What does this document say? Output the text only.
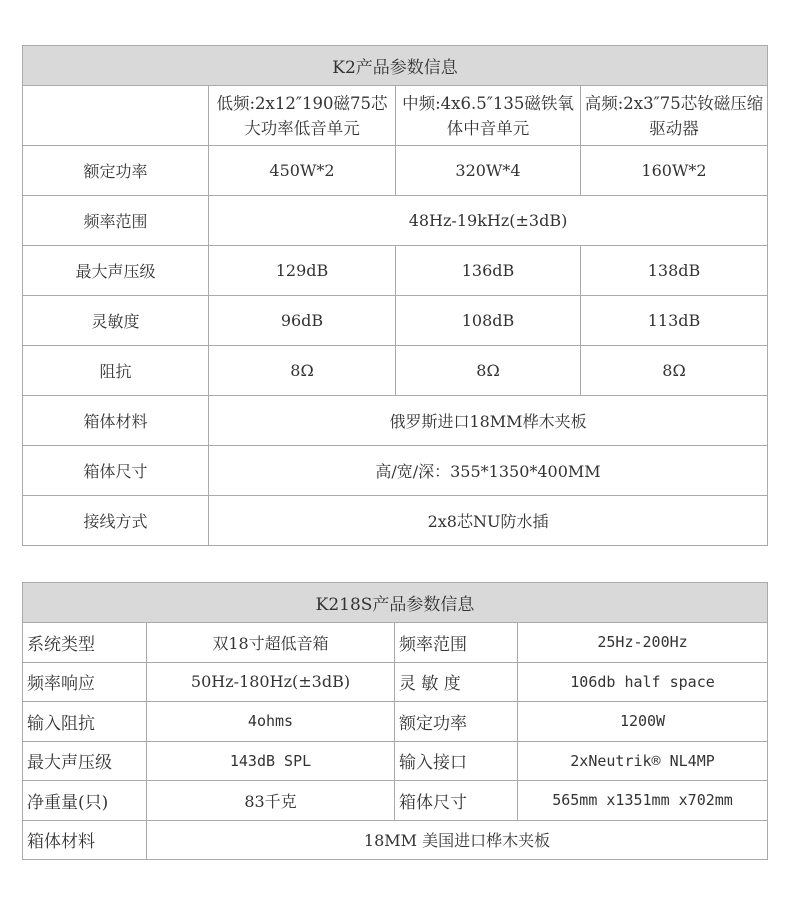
K2产品参数信息			
	低频:2x12″190磁75芯大功率低音单元	中频:4x6.5″135磁铁氧体中音单元	高频:2x3″75芯钕磁压缩驱动器
额定功率	450W*2	320W*4	160W*2
频率范围	48Hz-19kHz(±3dB)		
最大声压级	129dB	136dB	138dB
灵敏度	96dB	108dB	113dB
阻抗	8Ω	8Ω	8Ω
箱体材料	俄罗斯进口18MM桦木夹板		
箱体尺寸	高/宽/深：355*1350*400MM		
接线方式	2x8芯NU防水插		
K218S产品参数信息			
系统类型	双18寸超低音箱	频率范围	25Hz-200Hz
频率响应	50Hz-180Hz(±3dB)	灵 敏 度	106db half space
输入阻抗	4ohms	额定功率	1200W
最大声压级	143dB SPL	输入接口	2xNeutrik® NL4MP
净重量(只)	83千克	箱体尺寸	565mm x1351mm x702mm
箱体材料	18MM 美国进口桦木夹板		
